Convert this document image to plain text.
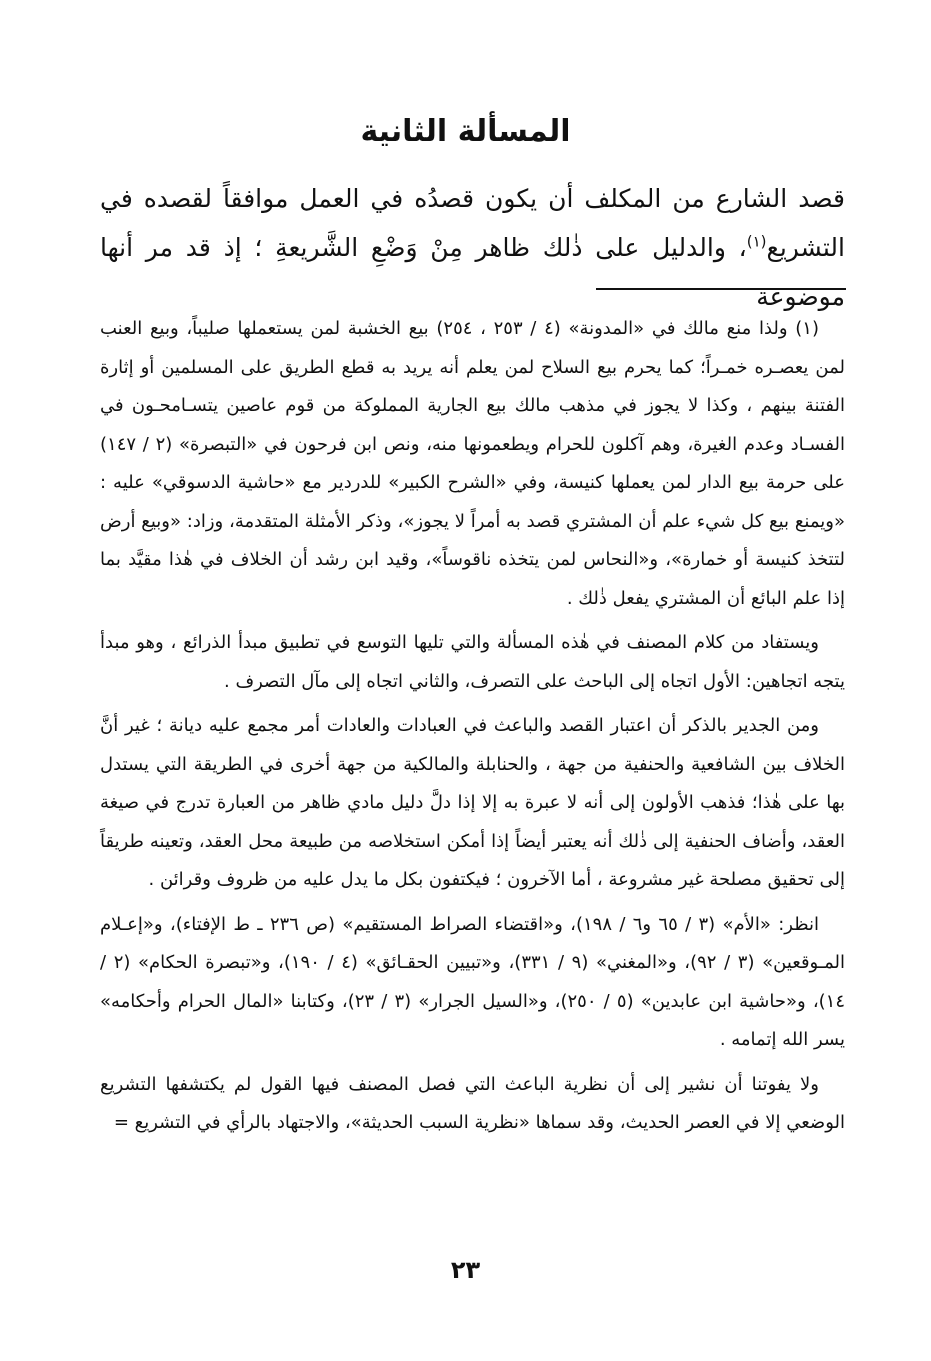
المسألة الثانية
قصد الشارع من المكلف أن يكون قصدُه في العمل موافقاً لقصده في التشريع$^{(١)}$، والدليل على ذٰلك ظاهر مِنْ وَضْعِ الشَّريعةِ ؛ إذ قد مر أنها موضوعة

(١) ولذا منع مالك في «المدونة» (٤ / ٢٥٣ ، ٢٥٤) بيع الخشبة لمن يستعملها صليباً، وبيع العنب لمن يعصـره خمـراً؛ كما يحرم بيع السلاح لمن يعلم أنه يريد به قطع الطريق على المسلمين أو إثارة الفتنة بينهم ، وكذا لا يجوز في مذهب مالك بيع الجارية المملوكة من قوم عاصين يتسـامحـون في الفسـاد وعدم الغيرة، وهم آكلون للحرام ويطعمونها منه، ونص ابن فرحون في «التبصرة» (٢ / ١٤٧) على حرمة بيع الدار لمن يعملها كنيسة، وفي «الشرح الكبير» للدردير مع «حاشية الدسوقي» عليه : «ويمنع بيع كل شيء علم أن المشتري قصد به أمراً لا يجوز»، وذكر الأمثلة المتقدمة، وزاد: «وبيع أرض لتتخذ كنيسة أو خمارة»، و«النحاس لمن يتخذه ناقوساً»، وقيد ابن رشد أن الخلاف في هٰذا مقيَّد بما إذا علم البائع أن المشتري يفعل ذٰلك .

ويستفاد من كلام المصنف في هٰذه المسألة والتي تليها التوسع في تطبيق مبدأ الذرائع ، وهو مبدأ يتجه اتجاهين: الأول اتجاه إلى الباحث على التصرف، والثاني اتجاه إلى مآل التصرف .

ومن الجدير بالذكر أن اعتبار القصد والباعث في العبادات والعادات أمر مجمع عليه ديانة ؛ غير أنَّ الخلاف بين الشافعية والحنفية من جهة ، والحنابلة والمالكية من جهة أخرى في الطريقة التي يستدل بها على هٰذا؛ فذهب الأولون إلى أنه لا عبرة به إلا إذا دلَّ دليل مادي ظاهر من العبارة تدرج في صيغة العقد، وأضاف الحنفية إلى ذٰلك أنه يعتبر أيضاً إذا أمكن استخلاصه من طبيعة محل العقد، وتعينه طريقاً إلى تحقيق مصلحة غير مشروعة ، أما الآخرون ؛ فيكتفون بكل ما يدل عليه من ظروف وقرائن .

انظر: «الأم» (٣ / ٦٥ و٦ / ١٩٨)، و«اقتضاء الصراط المستقيم» (ص ٢٣٦ ـ ط الإفتاء)، و«إعـلام المـوقعين» (٣ / ٩٢)، و«المغني» (٩ / ٣٣١)، و«تبيين الحقـائق» (٤ / ١٩٠)، و«تبصرة الحكام» (٢ / ١٤)، و«حاشية ابن عابدين» (٥ / ٢٥٠)، و«السيل الجرار» (٣ / ٢٣)، وكتابنا «المال الحرام وأحكامه» يسر الله إتمامه .

ولا يفوتنا أن نشير إلى أن نظرية الباعث التي فصل المصنف فيها القول لم يكتشفها التشريع الوضعي إلا في العصر الحديث، وقد سماها «نظرية السبب الحديثة»، والاجتهاد بالرأي في التشريع =

٢٣
